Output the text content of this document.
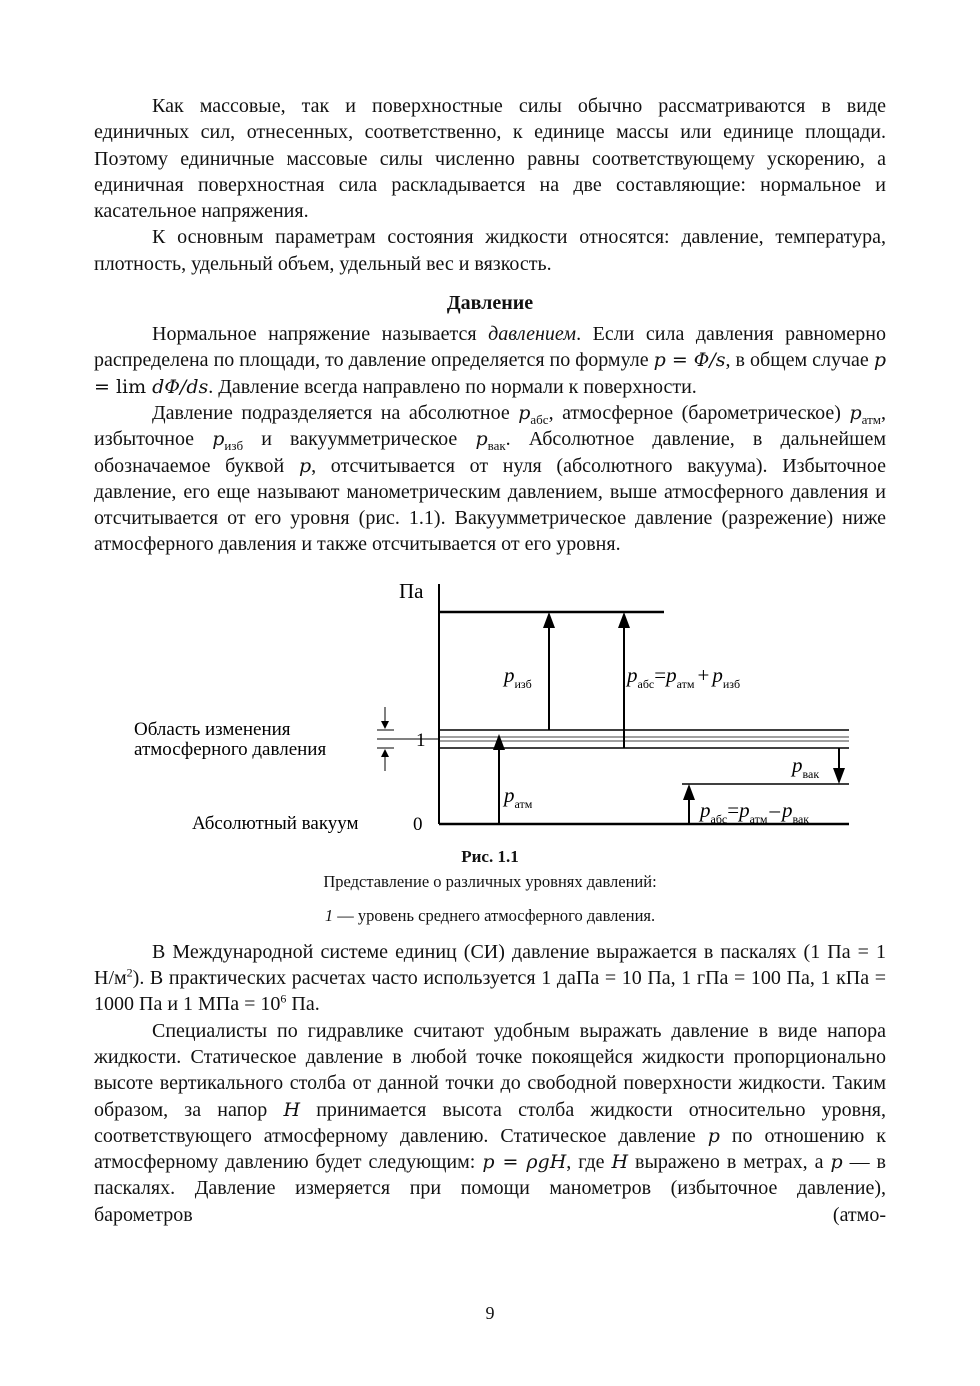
Как массовые, так и поверхностные силы обычно рассматриваются в виде единичных сил, отнесенных, соответственно, к единице массы или единице площади. Поэтому единичные массовые силы численно равны соответствующему ускорению, а единичная поверхностная сила раскладывается на две составляющие: нормальное и касательное напряжения.

К основным параметрам состояния жидкости относятся: давление, температура, плотность, удельный объем, удельный вес и вязкость.

Давление

Нормальное напряжение называется давлением. Если сила давления равномерно распределена по площади, то давление определяется по формуле p = Φ/s, в общем случае p = lim dΦ/ds. Давление всегда направлено по нормали к поверхности.

Давление подразделяется на абсолютное $p_{абс}$, атмосферное (барометрическое) $p_{атм}$, избыточное $p_{изб}$ и вакуумметрическое $p_{вак}$. Абсолютное давление, в дальнейшем обозначаемое буквой p, отсчитывается от нуля (абсолютного вакуума). Избыточное давление, его еще называют манометрическим давлением, выше атмосферного давления и отсчитывается от его уровня (рис. 1.1). Вакуумметрическое давление (разрежение) ниже атмосферного давления и также отсчитывается от его уровня.

Па
Область изменения
атмосферного давления
Абсолютный вакуум	0
1
$p_{изб}$	$p_{абс}=p_{атм} + p_{изб}$
$p_{атм}$
$p_{вак}$
$p_{абс}=p_{атм}-p_{вак}$
Рис. 1.1
Представление о различных уровнях давлений:
1 — уровень среднего атмосферного давления.

В Международной системе единиц (СИ) давление выражается в паскалях (1 Па = 1 $Н/м^2$). В практических расчетах часто используется 1 даПа = 10 Па, 1 гПа = 100 Па, 1 кПа = 1000 Па и 1 МПа = $10^6$ Па.

Специалисты по гидравлике считают удобным выражать давление в виде напора жидкости. Статическое давление в любой точке покоящейся жидкости пропорционально высоте вертикального столба от данной точки до свободной поверхности жидкости. Таким образом, за напор H принимается высота столба жидкости относительно уровня, соответствующего атмосферному давлению. Статическое давление p по отношению к атмосферному давлению будет следующим: p = ρgH, где H выражено в метрах, а p — в паскалях. Давление измеряется при помощи манометров (избыточное давление), барометров (атмо-

9
